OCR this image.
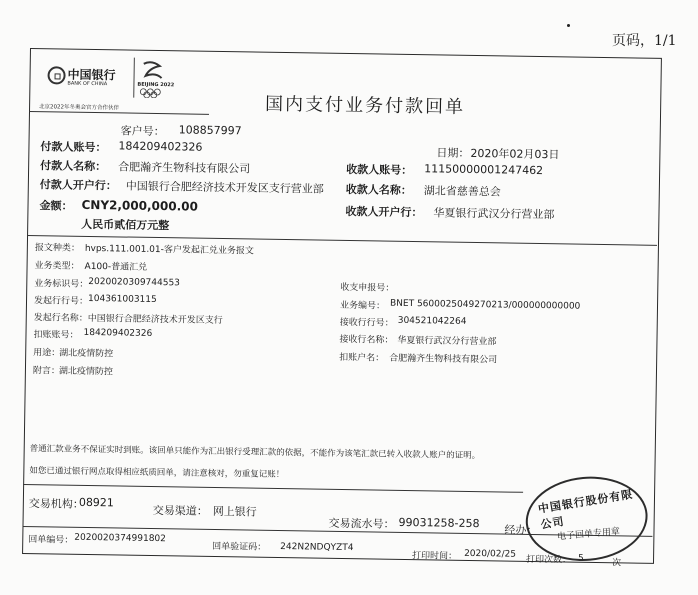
页码，1/1
中国银行
BANK OF CHINA	BEIJING 2022
北京2022年冬奥会官方合作伙伴	国内支付业务付款回单
客户号： 108857997
付款人账号： 184209402326
付款人名称： 合肥瀚齐生物科技有限公司
付款人开户行： 中国银行合肥经济技术开发区支行营业部
金额： CNY2,000,000.00
人民币贰佰万元整
日期： 2020年02月03日
收款人账号： 11150000001247462
收款人名称： 湖北省慈善总会
收款人开户行： 华夏银行武汉分行营业部
报文种类： hvps.111.001.01-客户发起汇兑业务报文
业务类型： A100-普通汇兑
业务标识号： 2020020309744553
发起行行号： 104361003115
发起行名称： 中国银行合肥经济技术开发区支行
扣账账号： 184209402326
用途：
湖北疫情防控
附言：
湖北疫情防控
收支申报号：
业务编号： BNET 5600025049270213/000000000000
接收行行号： 304521042264
接收行名称： 华夏银行武汉分行营业部
扣账户名： 合肥瀚齐生物科技有限公司
普通汇款业务不保证实时到账。该回单只能作为汇出银行受理汇款的依据，不能作为该笔汇款已转入收款人账户的证明。
如您已通过银行网点取得相应纸质回单，请注意核对，勿重复记账！
交易机构：
08921
交易渠道： 网上银行
交易流水号： 99031258-258
经办：
回单编号： 2020020374991802
回单验证码： 242N2NDQYZT4
打印时间： 2020/02/25
打印次数： 5	次
中国银行股份有限公司
电子回单专用章
